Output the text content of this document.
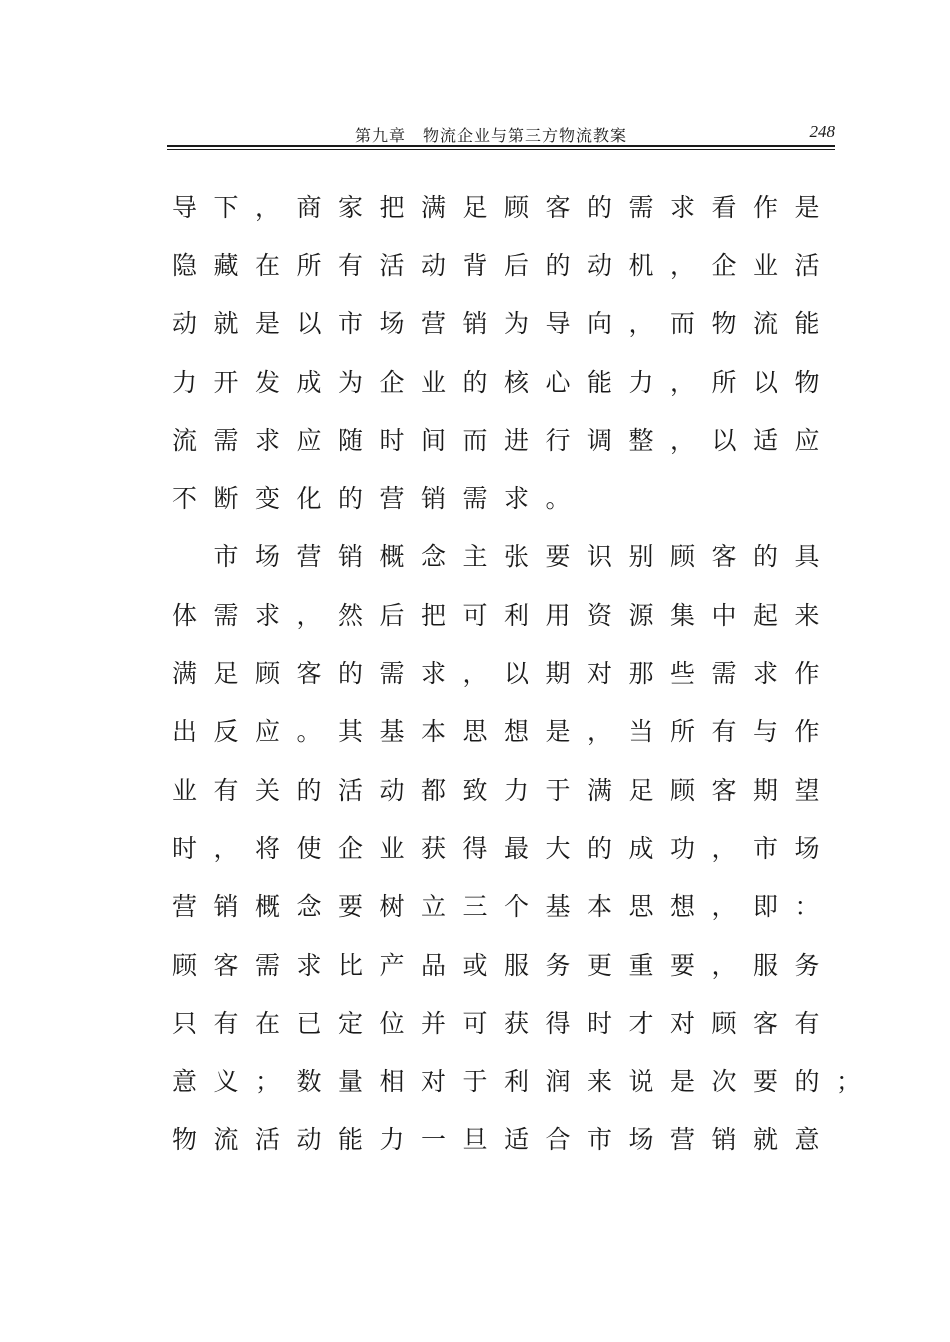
第九章　物流企业与第三方物流教案	248
导 下 ， 商 家 把 满 足 顾 客 的 需 求 看 作 是
隐 藏 在 所 有 活 动 背 后 的 动 机 ， 企 业 活
动 就 是 以 市 场 营 销 为 导 向 ， 而 物 流 能
力 开 发 成 为 企 业 的 核 心 能 力 ， 所 以 物
流 需 求 应 随 时 间 而 进 行 调 整 ， 以 适 应
不 断 变 化 的 营 销 需 求 。

市 场 营 销 概 念 主 张 要 识 别 顾 客 的 具
体 需 求 ， 然 后 把 可 利 用 资 源 集 中 起 来
满 足 顾 客 的 需 求 ， 以 期 对 那 些 需 求 作
出 反 应 。 其 基 本 思 想 是 ， 当 所 有 与 作
业 有 关 的 活 动 都 致 力 于 满 足 顾 客 期 望
时 ， 将 使 企 业 获 得 最 大 的 成 功 ， 市 场
营 销 概 念 要 树 立 三 个 基 本 思 想 ， 即 ：
顾 客 需 求 比 产 品 或 服 务 更 重 要 ， 服 务
只 有 在 已 定 位 并 可 获 得 时 才 对 顾 客 有
意 义 ； 数 量 相 对 于 利 润 来 说 是 次 要 的 ；
物 流 活 动 能 力 一 旦 适 合 市 场 营 销 就 意
